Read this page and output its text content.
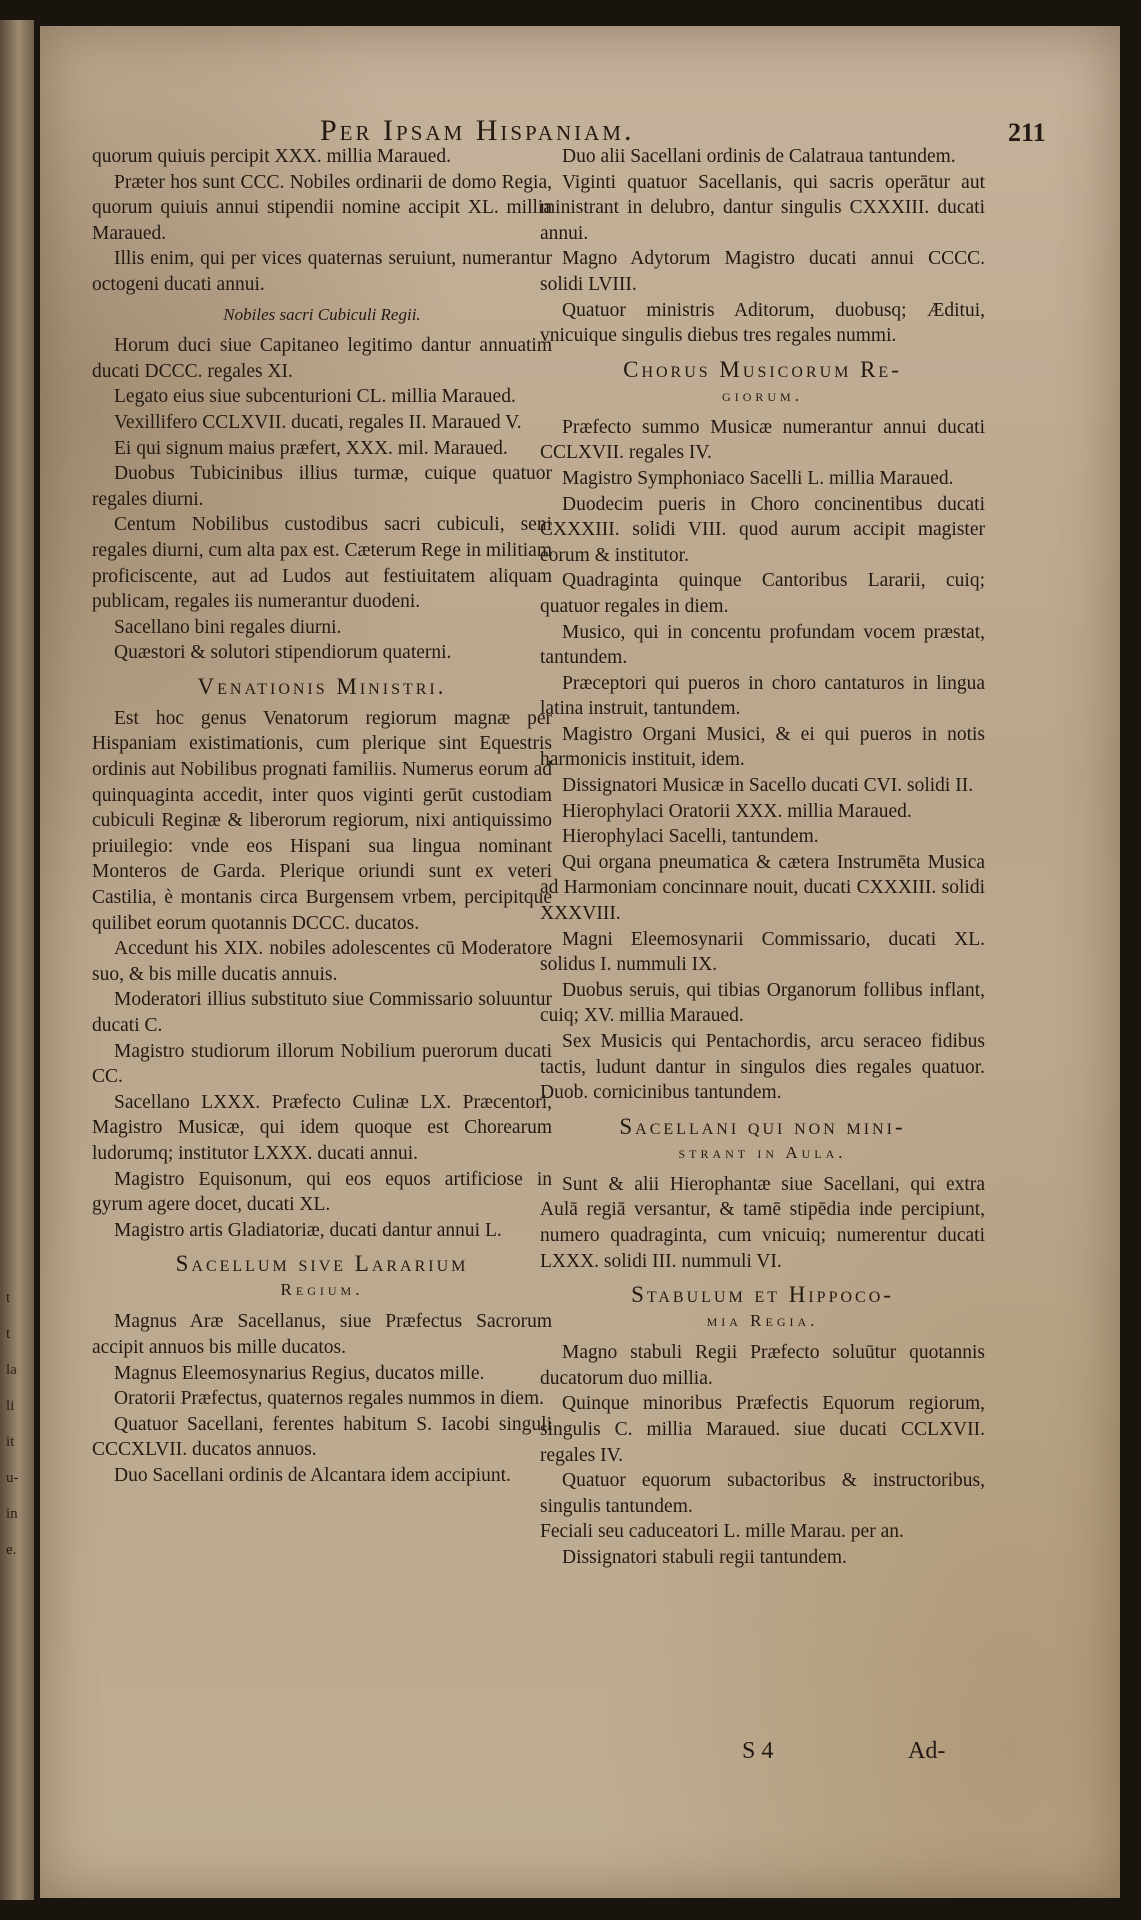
t
t
la
li
it
u-
in
e.
Per Ipsam Hispaniam.	211

quorum quiuis percipit XXX. millia Maraued.

Præter hos sunt CCC. Nobiles ordinarii de domo Regia, quorum quiuis annui stipendii nomine accipit XL. millia Maraued.

Illis enim, qui per vices quaternas seruiunt, numerantur octogeni ducati annui.

Nobiles sacri Cubiculi Regii.

Horum duci siue Capitaneo legitimo dantur annuatim ducati DCCC. regales XI.

Legato eius siue subcenturioni CL. millia Maraued.

Vexillifero CCLXVII. ducati, regales II. Maraued V.

Ei qui signum maius præfert, XXX. mil. Maraued.

Duobus Tubicinibus illius turmæ, cuique quatuor regales diurni.

Centum Nobilibus custodibus sacri cubiculi, seni regales diurni, cum alta pax est. Cæterum Rege in militiam proficiscente, aut ad Ludos aut festiuitatem aliquam publicam, regales iis numerantur duodeni.

Sacellano bini regales diurni.

Quæstori & solutori stipendiorum quaterni.

Venationis Ministri.

Est hoc genus Venatorum regiorum magnæ per Hispaniam existimationis, cum plerique sint Equestris ordinis aut Nobilibus prognati familiis. Numerus eorum ad quinquaginta accedit, inter quos viginti gerūt custodiam cubiculi Reginæ & liberorum regiorum, nixi antiquissimo priuilegio: vnde eos Hispani sua lingua nominant Monteros de Garda. Plerique oriundi sunt ex veteri Castilia, è montanis circa Burgensem vrbem, percipitque quilibet eorum quotannis DCCC. ducatos.

Accedunt his XIX. nobiles adolescentes cū Moderatore suo, & bis mille ducatis annuis.

Moderatori illius substituto siue Commissario soluuntur ducati C.

Magistro studiorum illorum Nobilium puerorum ducati CC.

Sacellano LXXX. Præfecto Culinæ LX. Præcentori, Magistro Musicæ, qui idem quoque est Chorearum ludorumq; institutor LXXX. ducati annui.

Magistro Equisonum, qui eos equos artificiose in gyrum agere docet, ducati XL.

Magistro artis Gladiatoriæ, ducati dantur annui L.

Sacellum sive Lararium
Regium.

Magnus Aræ Sacellanus, siue Præfectus Sacrorum accipit annuos bis mille ducatos.

Magnus Eleemosynarius Regius, ducatos mille.

Oratorii Præfectus, quaternos regales nummos in diem.

Quatuor Sacellani, ferentes habitum S. Iacobi singuli CCCXLVII. ducatos annuos.

Duo Sacellani ordinis de Alcantara idem accipiunt.

Duo alii Sacellani ordinis de Calatraua tantundem.

Viginti quatuor Sacellanis, qui sacris operātur aut ministrant in delubro, dantur singulis CXXXIII. ducati annui.

Magno Adytorum Magistro ducati annui CCCC. solidi LVIII.

Quatuor ministris Aditorum, duobusq; Æditui, vnicuique singulis diebus tres regales nummi.

Chorus Musicorum Re-
giorum.

Præfecto summo Musicæ numerantur annui ducati CCLXVII. regales IV.

Magistro Symphoniaco Sacelli L. millia Maraued.

Duodecim pueris in Choro concinentibus ducati CXXXIII. solidi VIII. quod aurum accipit magister eorum & institutor.

Quadraginta quinque Cantoribus Lararii, cuiq; quatuor regales in diem.

Musico, qui in concentu profundam vocem præstat, tantundem.

Præceptori qui pueros in choro cantaturos in lingua latina instruit, tantundem.

Magistro Organi Musici, & ei qui pueros in notis harmonicis instituit, idem.

Dissignatori Musicæ in Sacello ducati CVI. solidi II.

Hierophylaci Oratorii XXX. millia Maraued.

Hierophylaci Sacelli, tantundem.

Qui organa pneumatica & cætera Instrumēta Musica ad Harmoniam concinnare nouit, ducati CXXXIII. solidi XXXVIII.

Magni Eleemosynarii Commissario, ducati XL. solidus I. nummuli IX.

Duobus seruis, qui tibias Organorum follibus inflant, cuiq; XV. millia Maraued.

Sex Musicis qui Pentachordis, arcu seraceo fidibus tactis, ludunt dantur in singulos dies regales quatuor. Duob. cornicinibus tantundem.

Sacellani qui non mini-
strant in Aula.

Sunt & alii Hierophantæ siue Sacellani, qui extra Aulā regiā versantur, & tamē stipēdia inde percipiunt, numero quadraginta, cum vnicuiq; numerentur ducati LXXX. solidi III. nummuli VI.

Stabulum et Hippoco-
mia Regia.

Magno stabuli Regii Præfecto soluūtur quotannis ducatorum duo millia.

Quinque minoribus Præfectis Equorum regiorum, singulis C. millia Maraued. siue ducati CCLXVII. regales IV.

Quatuor equorum subactoribus & instructoribus, singulis tantundem.

Feciali seu caduceatori L. mille Marau. per an.

Dissignatori stabuli regii tantundem.

S 4	Ad-
